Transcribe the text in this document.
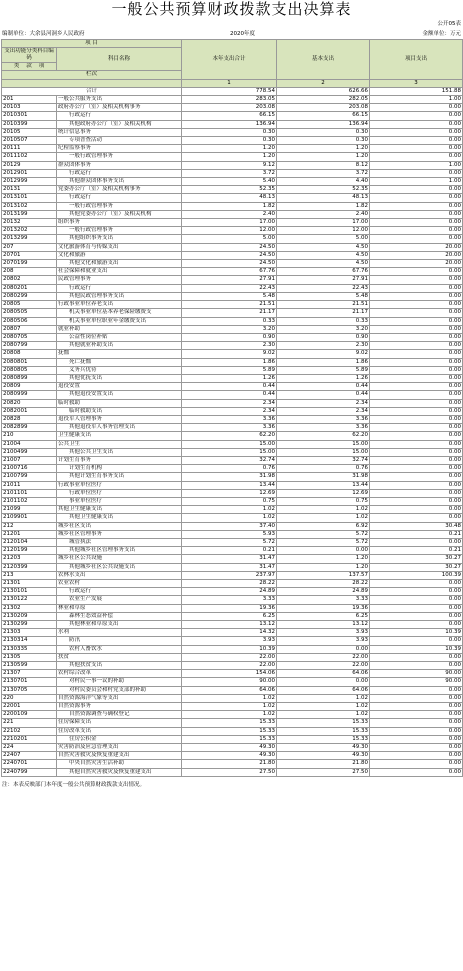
一般公共预算财政拨款支出决算表
公开05表
编制单位：大余县河洞乡人民政府	2020年度	金额单位：万元
项 目		本年支出合计	基本支出	项目支出
支出功能分类科目编码	科目名称			
类 款 项				
栏次				
		1	2	3
合计		778.54	626.66	151.88
201	一般公共服务支出	283.05	282.05	1.00
20103	政府办公厅（室）及相关机构事务	203.08	203.08	0.00
2010301	行政运行	66.15	66.15	0.00
2010399	其他政府办公厅（室）及相关机构	136.94	136.94	0.00
20105	统计信息事务	0.30	0.30	0.00
2010507	专项普查活动	0.30	0.30	0.00
20111	纪检监察事务	1.20	1.20	0.00
2011102	一般行政管理事务	1.20	1.20	0.00
20129	群众团体事务	9.12	8.12	1.00
2012901	行政运行	3.72	3.72	0.00
2012999	其他群众团体事务支出	5.40	4.40	1.00
20131	党委办公厅（室）及相关机构事务	52.35	52.35	0.00
2013101	行政运行	48.13	48.13	0.00
2013102	一般行政管理事务	1.82	1.82	0.00
2013199	其他党委办公厅（室）及相关机构	2.40	2.40	0.00
20132	组织事务	17.00	17.00	0.00
2013202	一般行政管理事务	12.00	12.00	0.00
2013299	其他组织事务支出	5.00	5.00	0.00
207	文化旅游体育与传媒支出	24.50	4.50	20.00
20701	文化和旅游	24.50	4.50	20.00
2070199	其他文化和旅游支出	24.50	4.50	20.00
208	社会保障和就业支出	67.76	67.76	0.00
20802	民政管理事务	27.91	27.91	0.00
2080201	行政运行	22.43	22.43	0.00
2080299	其他民政管理事务支出	5.48	5.48	0.00
20805	行政事业单位养老支出	21.51	21.51	0.00
2080505	机关事业单位基本养老保险缴费支	21.17	21.17	0.00
2080506	机关事业单位职业年金缴费支出	0.33	0.33	0.00
20807	就业补助	3.20	3.20	0.00
2080705	公益性岗位补贴	0.90	0.90	0.00
2080799	其他就业补助支出	2.30	2.30	0.00
20808	抚恤	9.02	9.02	0.00
2080801	死亡抚恤	1.86	1.86	0.00
2080805	义务兵优待	5.89	5.89	0.00
2080899	其他优抚支出	1.26	1.26	0.00
20809	退役安置	0.44	0.44	0.00
2080999	其他退役安置支出	0.44	0.44	0.00
20820	临时救助	2.34	2.34	0.00
2082001	临时救助支出	2.34	2.34	0.00
20828	退役军人管理事务	3.36	3.36	0.00
2082899	其他退役军人事务管理支出	3.36	3.36	0.00
210	卫生健康支出	62.20	62.20	0.00
21004	公共卫生	15.00	15.00	0.00
2100499	其他公共卫生支出	15.00	15.00	0.00
21007	计划生育事务	32.74	32.74	0.00
2100716	计划生育机构	0.76	0.76	0.00
2100799	其他计划生育事务支出	31.98	31.98	0.00
21011	行政事业单位医疗	13.44	13.44	0.00
2101101	行政单位医疗	12.69	12.69	0.00
2101102	事业单位医疗	0.75	0.75	0.00
21099	其他卫生健康支出	1.02	1.02	0.00
2109901	其他卫生健康支出	1.02	1.02	0.00
212	城乡社区支出	37.40	6.92	30.48
21201	城乡社区管理事务	5.93	5.72	0.21
2120104	城管执法	5.72	5.72	0.00
2120199	其他城乡社区管理事务支出	0.21	0.00	0.21
21203	城乡社区公共设施	31.47	1.20	30.27
2120399	其他城乡社区公共设施支出	31.47	1.20	30.27
213	农林水支出	237.97	137.57	100.39
21301	农业农村	28.22	28.22	0.00
2130101	行政运行	24.89	24.89	0.00
2130122	农业生产发展	3.33	3.33	0.00
21302	林业和草原	19.36	19.36	0.00
2130209	森林生态效益补偿	6.25	6.25	0.00
2130299	其他林业和草原支出	13.12	13.12	0.00
21303	水利	14.32	3.93	10.39
2130314	防汛	3.93	3.93	0.00
2130335	农村人畜饮水	10.39	0.00	10.39
21305	扶贫	22.00	22.00	0.00
2130599	其他扶贫支出	22.00	22.00	0.00
21307	农村综合改革	154.06	64.06	90.00
2130701	对村民一事一议的补助	90.00	0.00	90.00
2130705	对村民委员会和村党支部的补助	64.06	64.06	0.00
220	自然资源海洋气象等支出	1.02	1.02	0.00
22001	自然资源事务	1.02	1.02	0.00
2200109	自然资源调查与确权登记	1.02	1.02	0.00
221	住房保障支出	15.33	15.33	0.00
22102	住房改革支出	15.33	15.33	0.00
2210201	住房公积金	15.33	15.33	0.00
224	灾害防治及应急管理支出	49.30	49.30	0.00
22407	自然灾害救灾及恢复重建支出	49.30	49.30	0.00
2240701	中央自然灾害生活补助	21.80	21.80	0.00
2240799	其他自然灾害救灾及恢复重建支出	27.50	27.50	0.00
注：本表反映部门本年度一般公共预算财政拨款支出情况。
